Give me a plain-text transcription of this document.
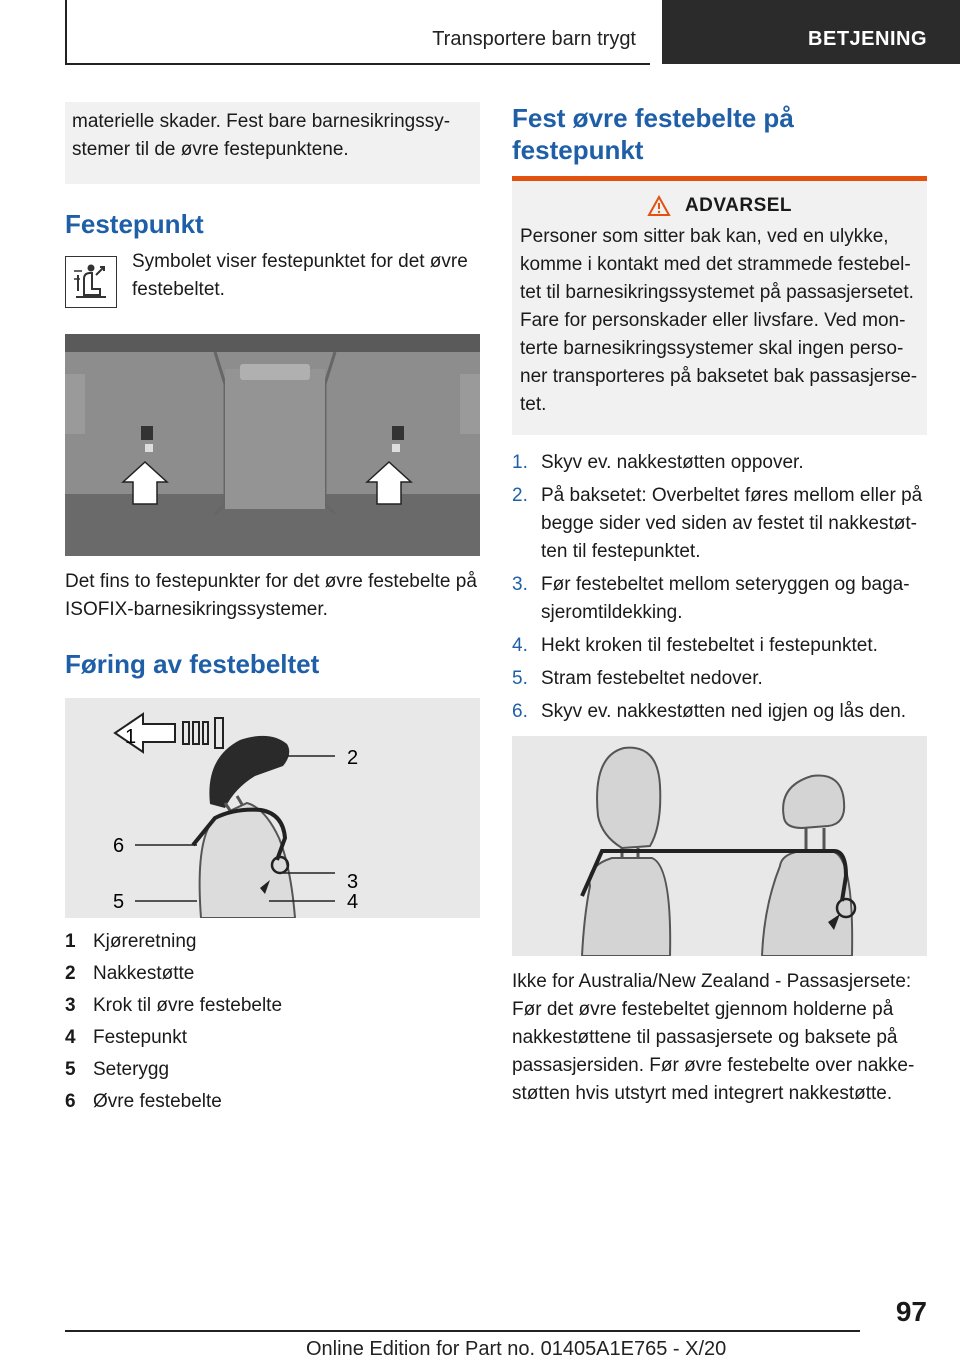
Transportere barn trygt	BETJENING
materielle skader. Fest bare barnesikringssystemer til de øvre festepunktene.
Festepunkt
Symbolet viser festepunktet for det øvre festebeltet.
Det fins to festepunkter for det øvre festebelte på ISOFIX-barnesikringssystemer.
Føring av festebeltet
1
2
6
3
4
5
1 Kjøreretning
2 Nakkestøtte
3 Krok til øvre festebelte
4 Festepunkt
5 Seterygg
6 Øvre festebelte
Fest øvre festebelte på festepunkt
ADVARSEL
Personer som sitter bak kan, ved en ulykke, komme i kontakt med det strammede festebeltet til barnesikringssystemet på passasjersetet. Fare for personskader eller livsfare. Ved monterte barnesikringssystemer skal ingen personer transporteres på baksetet bak passasjersetet.
1. Skyv ev. nakkestøtten oppover.
2. På baksetet: Overbeltet føres mellom eller på begge sider ved siden av festet til nakkestøtten til festepunktet.
3. Før festebeltet mellom seteryggen og bagasjeromtildekking.
4. Hekt kroken til festebeltet i festepunktet.
5. Stram festebeltet nedover.
6. Skyv ev. nakkestøtten ned igjen og lås den.
Ikke for Australia/New Zealand - Passasjersete: Før det øvre festebeltet gjennom holderne på nakkestøttene til passasjersete og baksete på passasjersiden. Før øvre festebelte over nakkestøtten hvis utstyrt med integrert nakkestøtte.
97
Online Edition for Part no. 01405A1E765 - X/20
